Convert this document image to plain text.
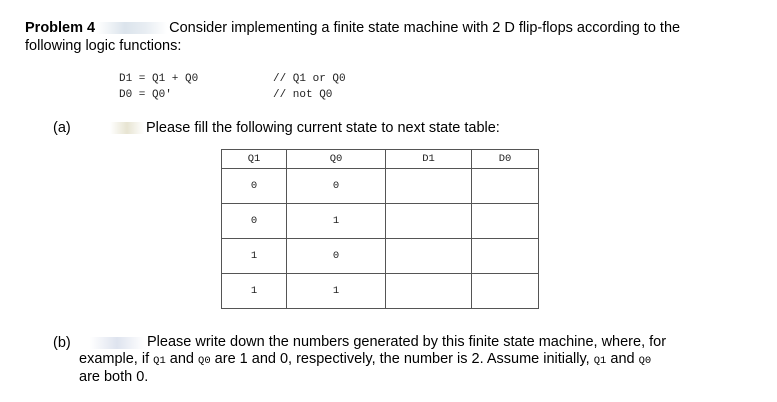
Problem 4	Consider implementing a finite state machine with 2 D flip-flops according to the
following logic functions:
D1 = Q1 + Q0	// Q1 or Q0
D0 = Q0'	// not Q0
(a)	Please fill the following current state to next state table:
Q1	Q0	D1	D0
0	0		
0	1		
1	0		
1	1		
(b)	Please write down the numbers generated by this finite state machine, where, for
example, if Q1 and Q0 are 1 and 0, respectively, the number is 2. Assume initially, Q1 and Q0
are both 0.
